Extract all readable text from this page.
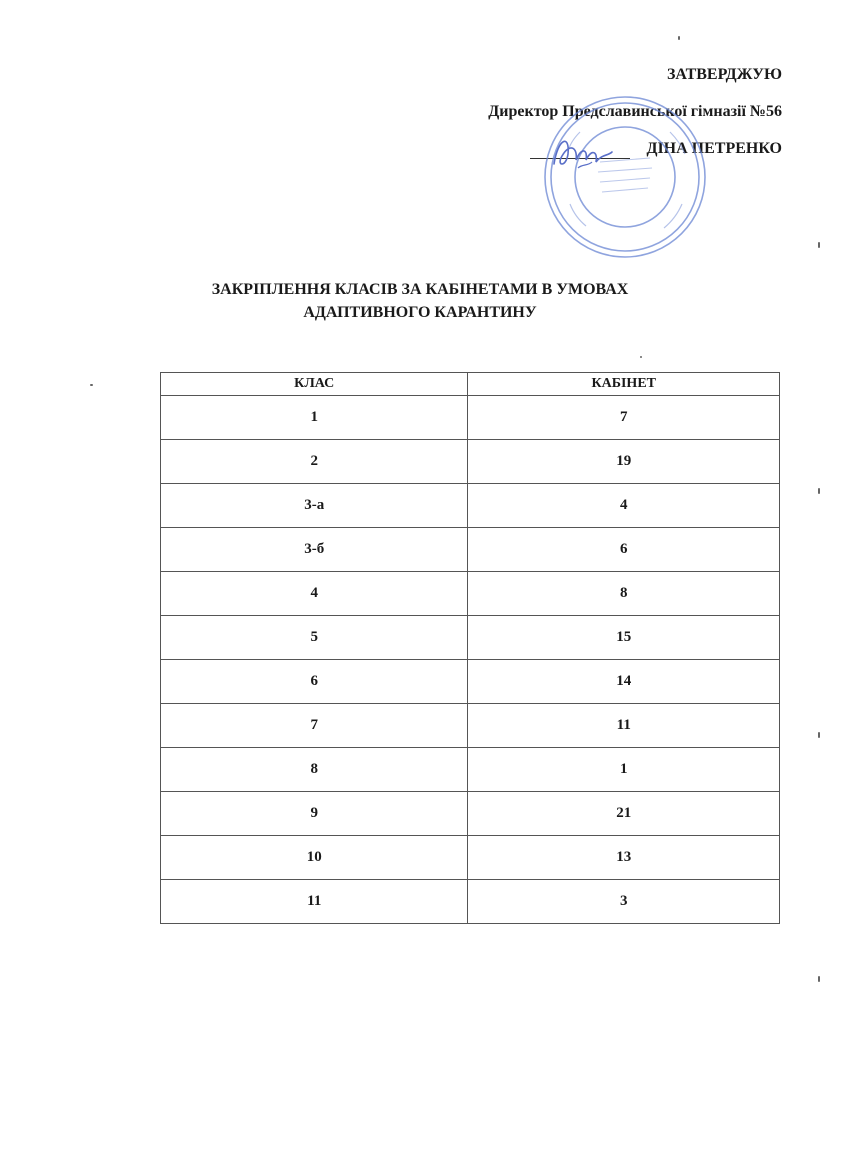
ЗАТВЕРДЖУЮ
Директор Предславинської гімназії №56
ДІНА ПЕТРЕНКО
ЗАКРІПЛЕННЯ КЛАСІВ ЗА КАБІНЕТАМИ В УМОВАХ
АДАПТИВНОГО КАРАНТИНУ
КЛАС	КАБІНЕТ
1	7
2	19
3-а	4
3-б	6
4	8
5	15
6	14
7	11
8	1
9	21
10	13
11	3
